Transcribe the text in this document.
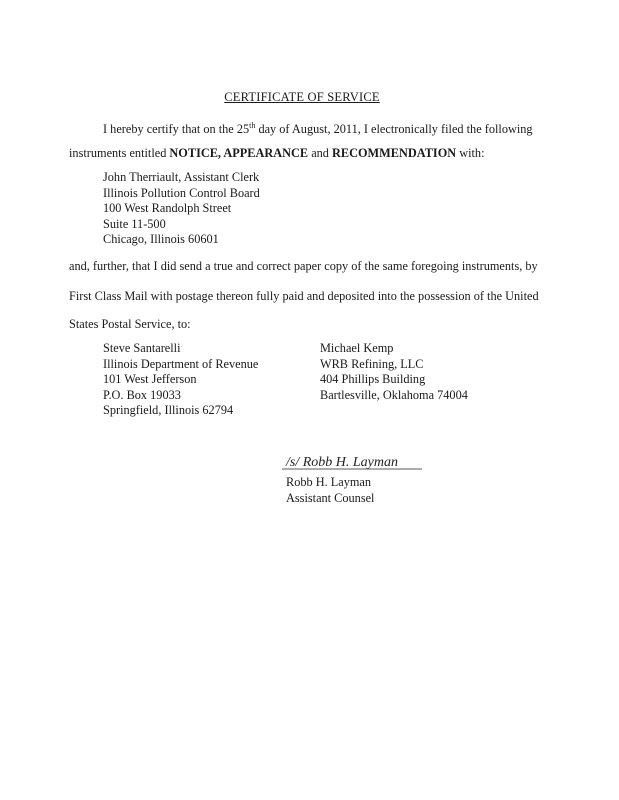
CERTIFICATE OF SERVICE
I hereby certify that on the 25th day of August, 2011, I electronically filed the following
instruments entitled NOTICE, APPEARANCE and RECOMMENDATION with:
John Therriault, Assistant Clerk
Illinois Pollution Control Board
100 West Randolph Street
Suite 11-500
Chicago, Illinois 60601
and, further, that I did send a true and correct paper copy of the same foregoing instruments, by
First Class Mail with postage thereon fully paid and deposited into the possession of the United
States Postal Service, to:
Steve Santarelli
Illinois Department of Revenue
101 West Jefferson
P.O. Box 19033
Springfield, Illinois 62794
Michael Kemp
WRB Refining, LLC
404 Phillips Building
Bartlesville, Oklahoma 74004
/s/ Robb H. Layman
Robb H. Layman
Assistant Counsel
